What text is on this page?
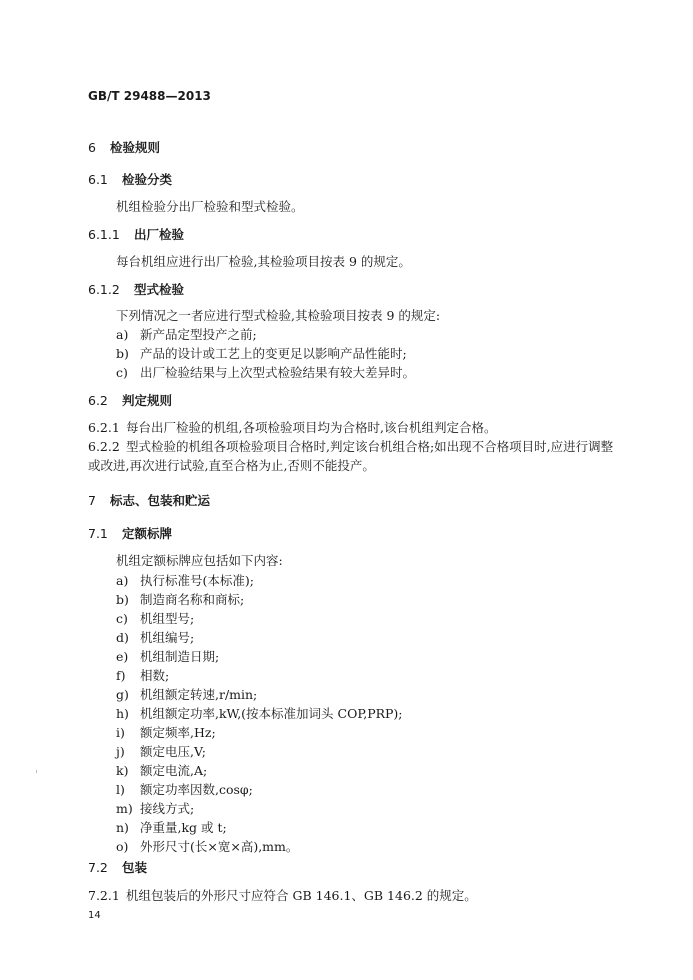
GB/T 29488—2013
6 检验规则
6.1 检验分类
机组检验分出厂检验和型式检验。
6.1.1 出厂检验
每台机组应进行出厂检验,其检验项目按表 9 的规定。
6.1.2 型式检验
下列情况之一者应进行型式检验,其检验项目按表 9 的规定:
a) 新产品定型投产之前;
b) 产品的设计或工艺上的变更足以影响产品性能时;
c) 出厂检验结果与上次型式检验结果有较大差异时。
6.2 判定规则
6.2.1 每台出厂检验的机组,各项检验项目均为合格时,该台机组判定合格。
6.2.2 型式检验的机组各项检验项目合格时,判定该台机组合格;如出现不合格项目时,应进行调整
或改进,再次进行试验,直至合格为止,否则不能投产。
7 标志、包装和贮运
7.1 定额标牌
机组定额标牌应包括如下内容:
a) 执行标准号(本标准);
b) 制造商名称和商标;
c) 机组型号;
d) 机组编号;
e) 机组制造日期;
f) 相数;
g) 机组额定转速,r/min;
h) 机组额定功率,kW,(按本标准加词头 COP,PRP);
i) 额定频率,Hz;
j) 额定电压,V;
k) 额定电流,A;
l) 额定功率因数,cosφ;
m) 接线方式;
n) 净重量,kg 或 t;
o) 外形尺寸(长×宽×高),mm。
7.2 包装
7.2.1 机组包装后的外形尺寸应符合 GB 146.1、GB 146.2 的规定。
14
